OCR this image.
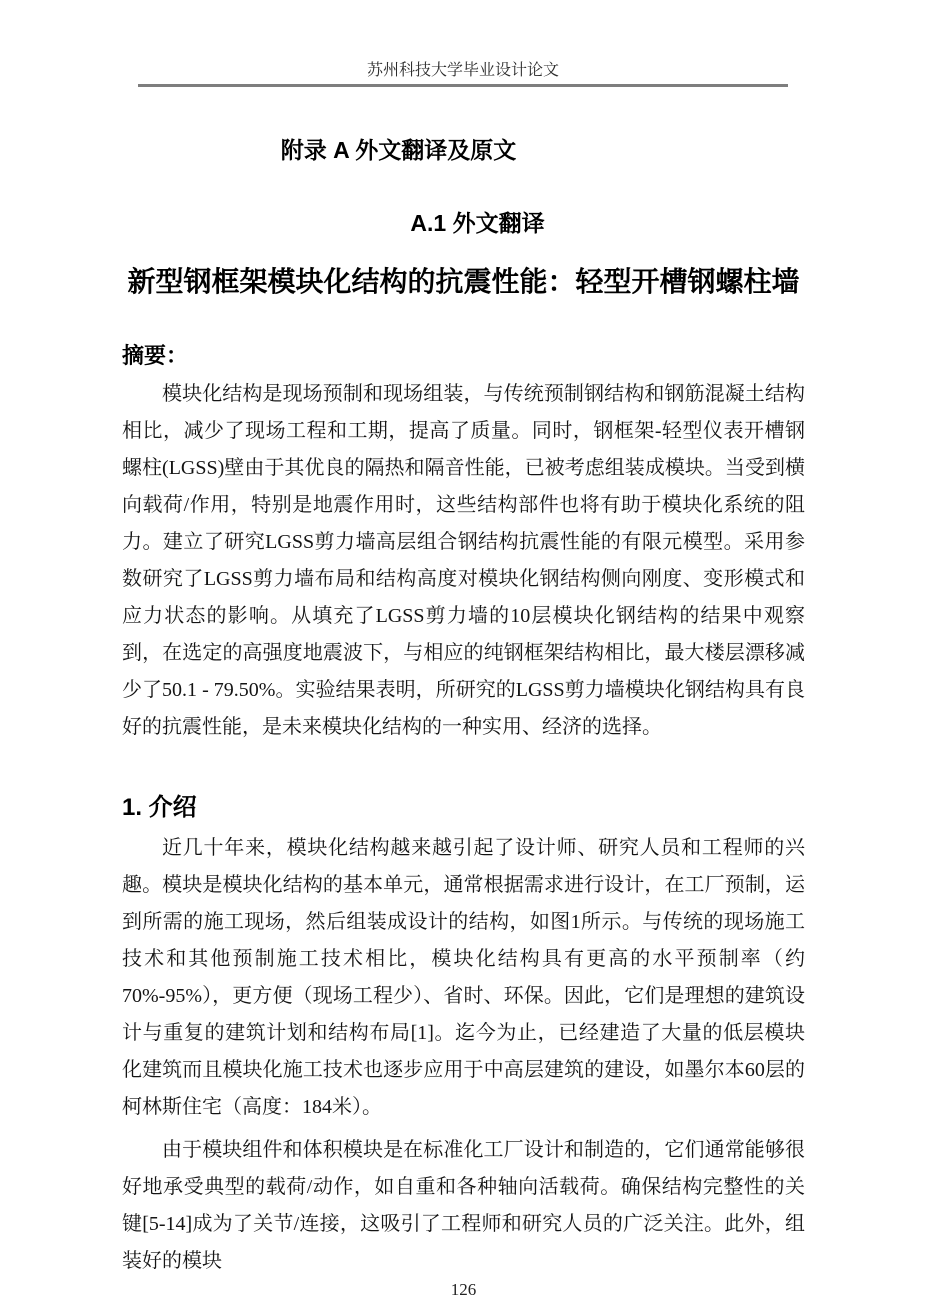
苏州科技大学毕业设计论文
附录 A 外文翻译及原文
A.1 外文翻译
新型钢框架模块化结构的抗震性能：轻型开槽钢螺柱墙
摘要：

模块化结构是现场预制和现场组装，与传统预制钢结构和钢筋混凝土结构相比，减少了现场工程和工期，提高了质量。同时，钢框架-轻型仪表开槽钢螺柱(LGSS)壁由于其优良的隔热和隔音性能，已被考虑组装成模块。当受到横向载荷/作用，特别是地震作用时，这些结构部件也将有助于模块化系统的阻力。建立了研究LGSS剪力墙高层组合钢结构抗震性能的有限元模型。采用参数研究了LGSS剪力墙布局和结构高度对模块化钢结构侧向刚度、变形模式和应力状态的影响。从填充了LGSS剪力墙的10层模块化钢结构的结果中观察到，在选定的高强度地震波下，与相应的纯钢框架结构相比，最大楼层漂移减少了50.1 - 79.50%。实验结果表明，所研究的LGSS剪力墙模块化钢结构具有良好的抗震性能，是未来模块化结构的一种实用、经济的选择。

1. 介绍

近几十年来，模块化结构越来越引起了设计师、研究人员和工程师的兴趣。模块是模块化结构的基本单元，通常根据需求进行设计，在工厂预制，运到所需的施工现场，然后组装成设计的结构，如图1所示。与传统的现场施工技术和其他预制施工技术相比，模块化结构具有更高的水平预制率（约70%-95%），更方便（现场工程少）、省时、环保。因此，它们是理想的建筑设计与重复的建筑计划和结构布局[1]。迄今为止，已经建造了大量的低层模块化建筑而且模块化施工技术也逐步应用于中高层建筑的建设，如墨尔本60层的柯林斯住宅（高度：184米）。

由于模块组件和体积模块是在标准化工厂设计和制造的，它们通常能够很好地承受典型的载荷/动作，如自重和各种轴向活载荷。确保结构完整性的关键[5-14]成为了关节/连接，这吸引了工程师和研究人员的广泛关注。此外，组装好的模块

126
